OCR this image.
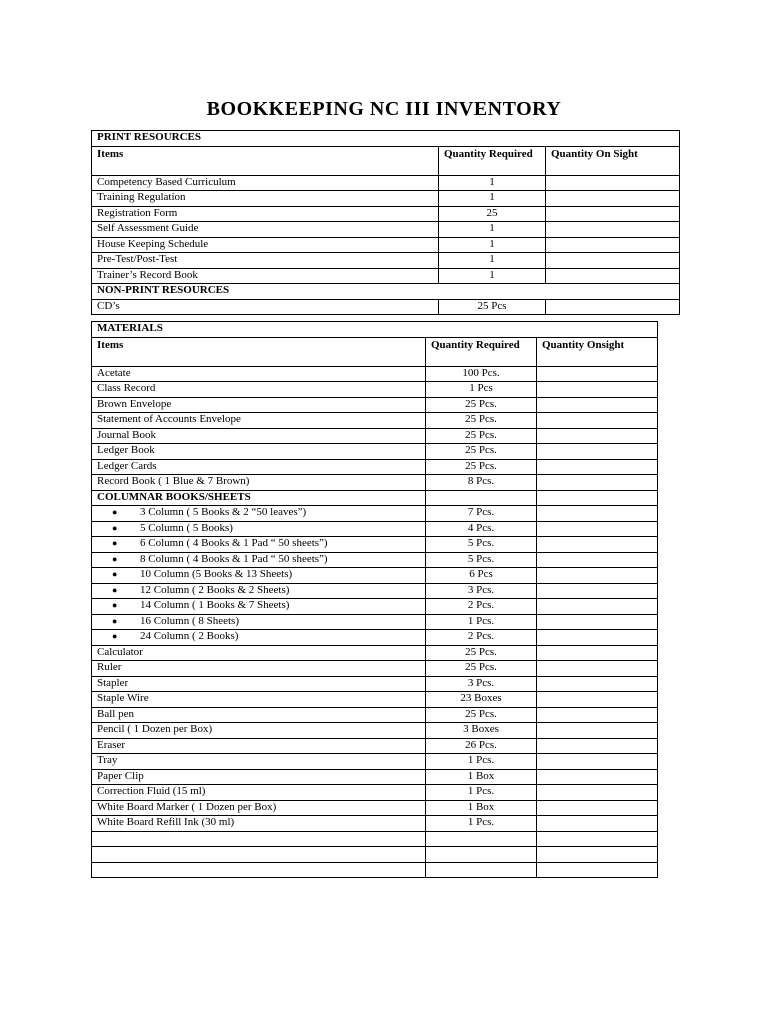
BOOKKEEPING NC III INVENTORY
PRINT RESOURCES		
Items	Quantity Required	Quantity On Sight
Competency Based Curriculum	1	
Training Regulation	1	
Registration Form	25	
Self Assessment Guide	1	
House Keeping Schedule	1	
Pre-Test/Post-Test	1	
Trainer’s Record Book	1	
NON-PRINT RESOURCES		
CD’s	25 Pcs	
MATERIALS		
Items	Quantity Required	Quantity Onsight
Acetate	100 Pcs.	
Class Record	1 Pcs	
Brown Envelope	25 Pcs.	
Statement of Accounts Envelope	25 Pcs.	
Journal Book	25 Pcs.	
Ledger Book	25 Pcs.	
Ledger Cards	25 Pcs.	
Record Book ( 1 Blue & 7 Brown)	8 Pcs.	
COLUMNAR BOOKS/SHEETS		
● 3 Column ( 5 Books & 2 “50 leaves”)	7 Pcs.	
● 5 Column ( 5 Books)	4 Pcs.	
● 6 Column ( 4 Books & 1 Pad “ 50 sheets”)	5 Pcs.	
● 8 Column ( 4 Books & 1 Pad “ 50 sheets”)	5 Pcs.	
● 10 Column (5 Books & 13 Sheets)	6 Pcs	
● 12 Column ( 2 Books & 2 Sheets)	3 Pcs.	
● 14 Column ( 1 Books & 7 Sheets)	2 Pcs.	
● 16 Column ( 8 Sheets)	1 Pcs.	
● 24 Column ( 2 Books)	2 Pcs.	
Calculator	25 Pcs.	
Ruler	25 Pcs.	
Stapler	3 Pcs.	
Staple Wire	23 Boxes	
Ball pen	25 Pcs.	
Pencil ( 1 Dozen per Box)	3 Boxes	
Eraser	26 Pcs.	
Tray	1 Pcs.	
Paper Clip	1 Box	
Correction Fluid (15 ml)	1 Pcs.	
White Board Marker ( 1 Dozen per Box)	1 Box	
White Board Refill Ink (30 ml)	1 Pcs.	
